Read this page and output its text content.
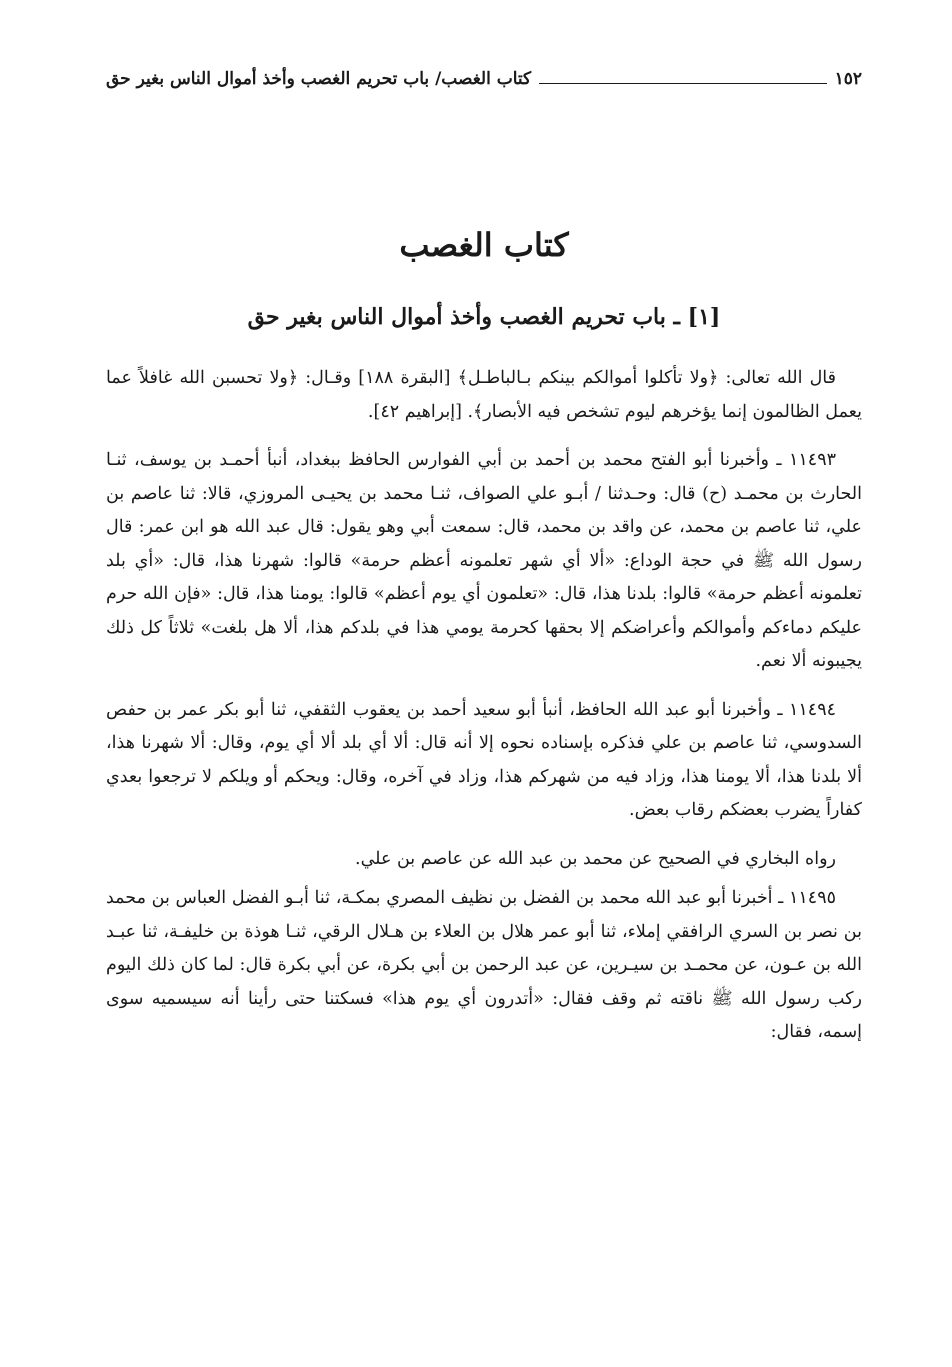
١٥٢
كتاب الغصب/ باب تحريم الغصب وأخذ أموال الناس بغير حق
كتاب الغصب
[١] ـ باب تحريم الغصب وأخذ أموال الناس بغير حق

قال الله تعالى: ﴿ولا تأكلوا أموالكم بينكم بـالباطـل﴾ [البقرة ١٨٨] وقـال: ﴿ولا تحسبن الله غافلاً عما يعمل الظالمون إنما يؤخرهم ليوم تشخص فيه الأبصار﴾. [إبراهيم ٤٢].

١١٤٩٣ ـ وأخبرنا أبو الفتح محمد بن أحمد بن أبي الفوارس الحافظ ببغداد، أنبأ أحمـد بن يوسف، ثنـا الحارث بن محمـد (ح) قال: وحـدثنا / أبـو علي الصواف، ثنـا محمد بن يحيـى المروزي، قالا: ثنا عاصم بن علي، ثنا عاصم بن محمد، عن واقد بن محمد، قال: سمعت أبي وهو يقول: قال عبد الله هو ابن عمر: قال رسول الله ﷺ في حجة الوداع: «ألا أي شهر تعلمونه أعظم حرمة» قالوا: شهرنا هذا، قال: «أي بلد تعلمونه أعظم حرمة» قالوا: بلدنا هذا، قال: «تعلمون أي يوم أعظم» قالوا: يومنا هذا، قال: «فإن الله حرم عليكم دماءكم وأموالكم وأعراضكم إلا بحقها كحرمة يومي هذا في بلدكم هذا، ألا هل بلغت» ثلاثاً كل ذلك يجيبونه ألا نعم.

١١٤٩٤ ـ وأخبرنا أبو عبد الله الحافظ، أنبأ أبو سعيد أحمد بن يعقوب الثقفي، ثنا أبو بكر عمر بن حفص السدوسي، ثنا عاصم بن علي فذكره بإسناده نحوه إلا أنه قال: ألا أي بلد ألا أي يوم، وقال: ألا شهرنا هذا، ألا بلدنا هذا، ألا يومنا هذا، وزاد فيه من شهركم هذا، وزاد في آخره، وقال: ويحكم أو ويلكم لا ترجعوا بعدي كفاراً يضرب بعضكم رقاب بعض.

رواه البخاري في الصحيح عن محمد بن عبد الله عن عاصم بن علي.

١١٤٩٥ ـ أخبرنا أبو عبد الله محمد بن الفضل بن نظيف المصري بمكـة، ثنا أبـو الفضل العباس بن محمد بن نصر بن السري الرافقي إملاء، ثنا أبو عمر هلال بن العلاء بن هـلال الرقي، ثنـا هوذة بن خليفـة، ثنا عبـد الله بن عـون، عن محمـد بن سيـرين، عن عبد الرحمن بن أبي بكرة، عن أبي بكرة قال: لما كان ذلك اليوم ركب رسول الله ﷺ ناقته ثم وقف فقال: «أتدرون أي يوم هذا» فسكتنا حتى رأينا أنه سيسميه سوى إسمه، فقال:
